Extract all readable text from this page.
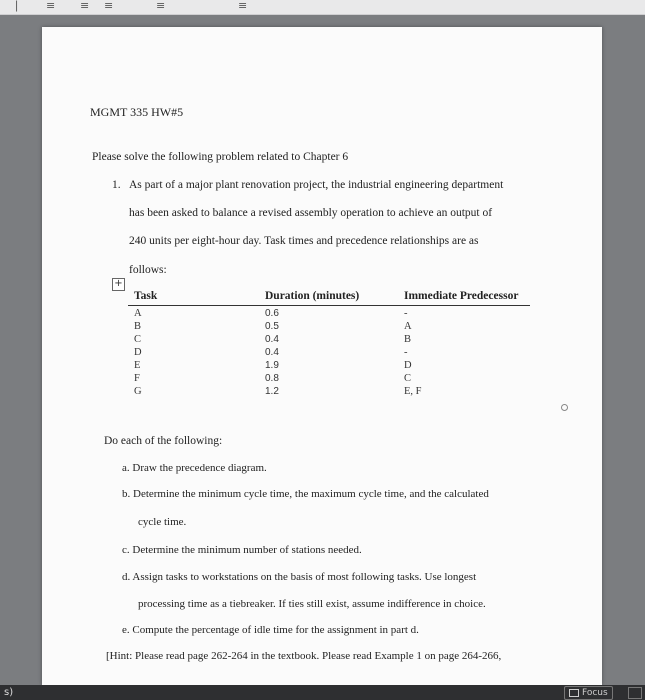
❘ ≡ ≡ ≡	≡	≡
MGMT 335 HW#5
Please solve the following problem related to Chapter 6
1. As part of a major plant renovation project, the industrial engineering department
has been asked to balance a revised assembly operation to achieve an output of
240 units per eight-hour day. Task times and precedence relationships are as
follows:
+
Task	Duration (minutes)	Immediate Predecessor
A	0.6	-
B	0.5	A
C	0.4	B
D	0.4	-
E	1.9	D
F	0.8	C
G	1.2	E, F
Do each of the following:
a. Draw the precedence diagram.
b. Determine the minimum cycle time, the maximum cycle time, and the calculated
cycle time.
c. Determine the minimum number of stations needed.
d. Assign tasks to workstations on the basis of most following tasks. Use longest
processing time as a tiebreaker. If ties still exist, assume indifference in choice.
e. Compute the percentage of idle time for the assignment in part d.
[Hint: Please read page 262-264 in the textbook. Please read Example 1 on page 264-266,
s)	Focus
